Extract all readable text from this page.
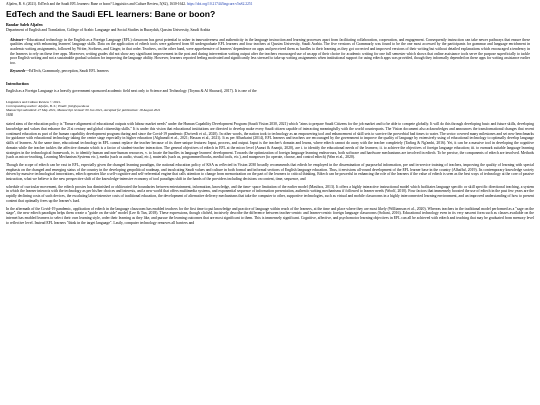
Aljafen, B. S. (2021). EdTech and the Saudi EFL learners: Bane or boon? Linguistics and Culture Review, 5(S2), 1630-1642. https://doi.org/10.21744/lingcure.v5nS2.2251
EdTech and the Saudi EFL learners: Bane or boon?
Bandar Saleh Aljafen
Department of English and Translation, College of Arabic Language and Social Studies in Buraydah, Qassim University, Saudi Arabia
Abstract---Educational technology in the English as a Foreign Language (EFL) classroom has great potential to usher in innovativeness and authenticity in the language instruction and learning processes apart from facilitating collaboration, cooperation, and engagement. Consequently instruction can take newer pathways that ensure these qualities along with enhancing learners' language skills. Data on the application of edtech tools were gathered from 60 undergraduate EFL learners and four teachers at Qassim University, Saudi Arabia. The five versions of Grammarly was found to be the one most accessed by the participants for grammar and language enrichment in academic writing assignments, followed by Writer, Scribens, and Ginger, in that order. Teachers, on the other hand, were apprehensive of learners' dependence on apps and perceived them as hurdles to their learning as they got corrected and improved versions of their writing but without detailed explanations which encouraged a tendency in the learners to rely on these free apps. Moreover, writing grades did not show any significant improvement in the post and during intervention writing output after the teachers encouraged use of an app of their choice for academic writing for one full semester which shows that online assistance tools serve the purpose superficially to tackle poor English writing and not a sustainable gradual solution for improving the language ability. However, learners reported feeling motivated and significantly less stressed to take up writing assignments when institutional support for using edtech apps was provided, though they informally depended on these apps for writing assistance earlier too.
Keywords---EdTech, Grammarly, perception, Saudi EFL learners
Introduction
English as a Foreign Language is a heavily government sponsored academic field next only to Science and Technology (Toyma & Al Shaouri), 2017). It is one of the
Linguistics and Culture Review © 2021.
Corresponding author: Aljafen, B. S.; Email: jbsl@qu.edu.sa
Manuscript submitted: 27 May 2021, Manuscript revised: 09 Jun 2021, Accepted for publication: 18 August 2021
1630
stated aims of the education policy is "Ensure alignment of educational outputs with labour market needs" under the Human Capability Development Program (Saudi Vision 2030, 2021) which "aims to prepare Saudi Citizens for the job market and to be able to compete globally. It will do this through developing basic and future skills, developing knowledge and values that enhance the 21st century and global citizenship skills." It is under this vision that educational institutions are directed to develop make every Saudi citizen capable of interacting meaningfully with the world counterparts. The Vision document also acknowledges and announces the transformational changes that recent continued education as part of the human capability development program during and since the Covid-19 pandemic (Dwivedi et al., 2020). In other words, the nation took to technology as an empowering tool and enhancement of skill sets to survive the proverbial bad times to water. The sector covered many milestones and set new benchmarks for guidance with educational technology taking the centre stage especially in higher education (Alghamdi et al., 2021; Hassan et al., 2021). It as per Albarkaini (2014), EFL learners and teachers are encouraged by the government to improve the quality of language by extensively using of educational technology to optimally develop language skills of learners. At the same time, educational technology in EFL cannot replace the teacher because of its three unique features: Input, process, and output. Input is the teacher's domain and learns, where edtech cannot do away with the teacher completely (Tarling & Ng'ambi, 2016). Yet, it can be a massive tool in developing the cognitive domain while the teacher tackles the affective domain which is a factor of student-teacher interaction. The general objectives of edtech in EFL at the micro level (Aamri & Ananjit, 2020), are i. to identify the educational needs of the learners; ii. to achieve the objectives of foreign language education; iii. to earmark suitable language learning strategies in the technological framework, iv. to identify human and non-human resources, v. to locate the hurdles in language learners' development. Towards the optimization of foreign language learning endeavours, both software and hardware mechanisms are involved in edtech. To be precise, the components of edtech are involved. Methods (such as micro-teaching, Learning Mechanism Systems etc.), media (such as audio, visual, etc.), materials (such as, programmed books, medial tools, etc.), and manpower (to operate, choose, and control edtech) (Wan et al., 2020).
Though the scope of edtech can be vast in EFL, especially given the changed learning paradigm, the national education policy of KSA as reflected in Vision 2030 broadly recommends that edtech be employed in the dissemination of purposeful information, pre and in-service training of teachers, improving the quality of learning with special emphasis on the changed and emerging status of the country in the developing geopolitical roadmap, and inculcating Saudi values and culture in both formal and informal sections of English language education. Thus, it envisions all-round development of the EFL learner base in the country (Alhaffaf, 2019). Its contemporary knowledge society driven by massive technological innovations, edtech operates like a self-cognitive and self-referential engine that calls attention to change from memorization on the part of the learners to critical thinking. Edtech can be powerful in enhancing the role of the learners if the value of edtech is seen as the best ways of technology at the core of passive instruction, what we believe is the new perspective shift of the knowledge-intensive economy of tool paradigm shift in the hands of the providers including decisions on content, time, sequence, and
schedule of curricular movement, the edtech proxies has diminished or obliterated the boundaries between entertainment, information, knowledge, and the time- space limitation of the earlier model (Mastbox, 2013). It offers a highly interactive instructional model which facilitates language specific or skill specific directional teaching, a system in which the learner interacts with the technology as per his/her choices and interests, and a new world that offers multimedia systems, and exponential sequence of information presentation, authentic writing mechanisms if followed to learner needs (Woolf, 2010). Four factors that immensely boosted the use of edtech in the past few years are the rapidly declining costs of such devices, the escalating labor-intensive costs of traditional education, the development of alternative delivery mechanisms that take the computer to other, supportive technologies, such as virtual and mobile classrooms in a highly interconnected learning environment, and an improved understanding of how to present content that optimally frees up the learner's load.
In the aftermath of the Covid-19 pandemic, application of edtech in the language classroom has enabled teachers for the first time to put knowledge and practice of language within reach of the learners, at the time and place where they are most likely (Williamson et al., 2020). Whereas teachers in the traditional model performed as a "sage on the stage", the new edtech paradigm helps them create a "guide on the side" model (Lee & Tan, 2018). These expressions, though clichéd, incisively describe the difference between teacher-centric and learner-centric foreign language classrooms (Soltani, 2016). Educational technology even in its very nascent form such as classes available on the internet has enabled learners to select their own learning style, order their learning as they like, and pursue the learning outcomes that are most significant to them. This is immensely significant. Cognitive, affective, and psychomotor learning objectives in EFL can all be achieved with edtech and teaching that may be graduated from memory level to reflective level. Instead EFL learners "think in the target language". Lastly, computer technology removes all barriers and
